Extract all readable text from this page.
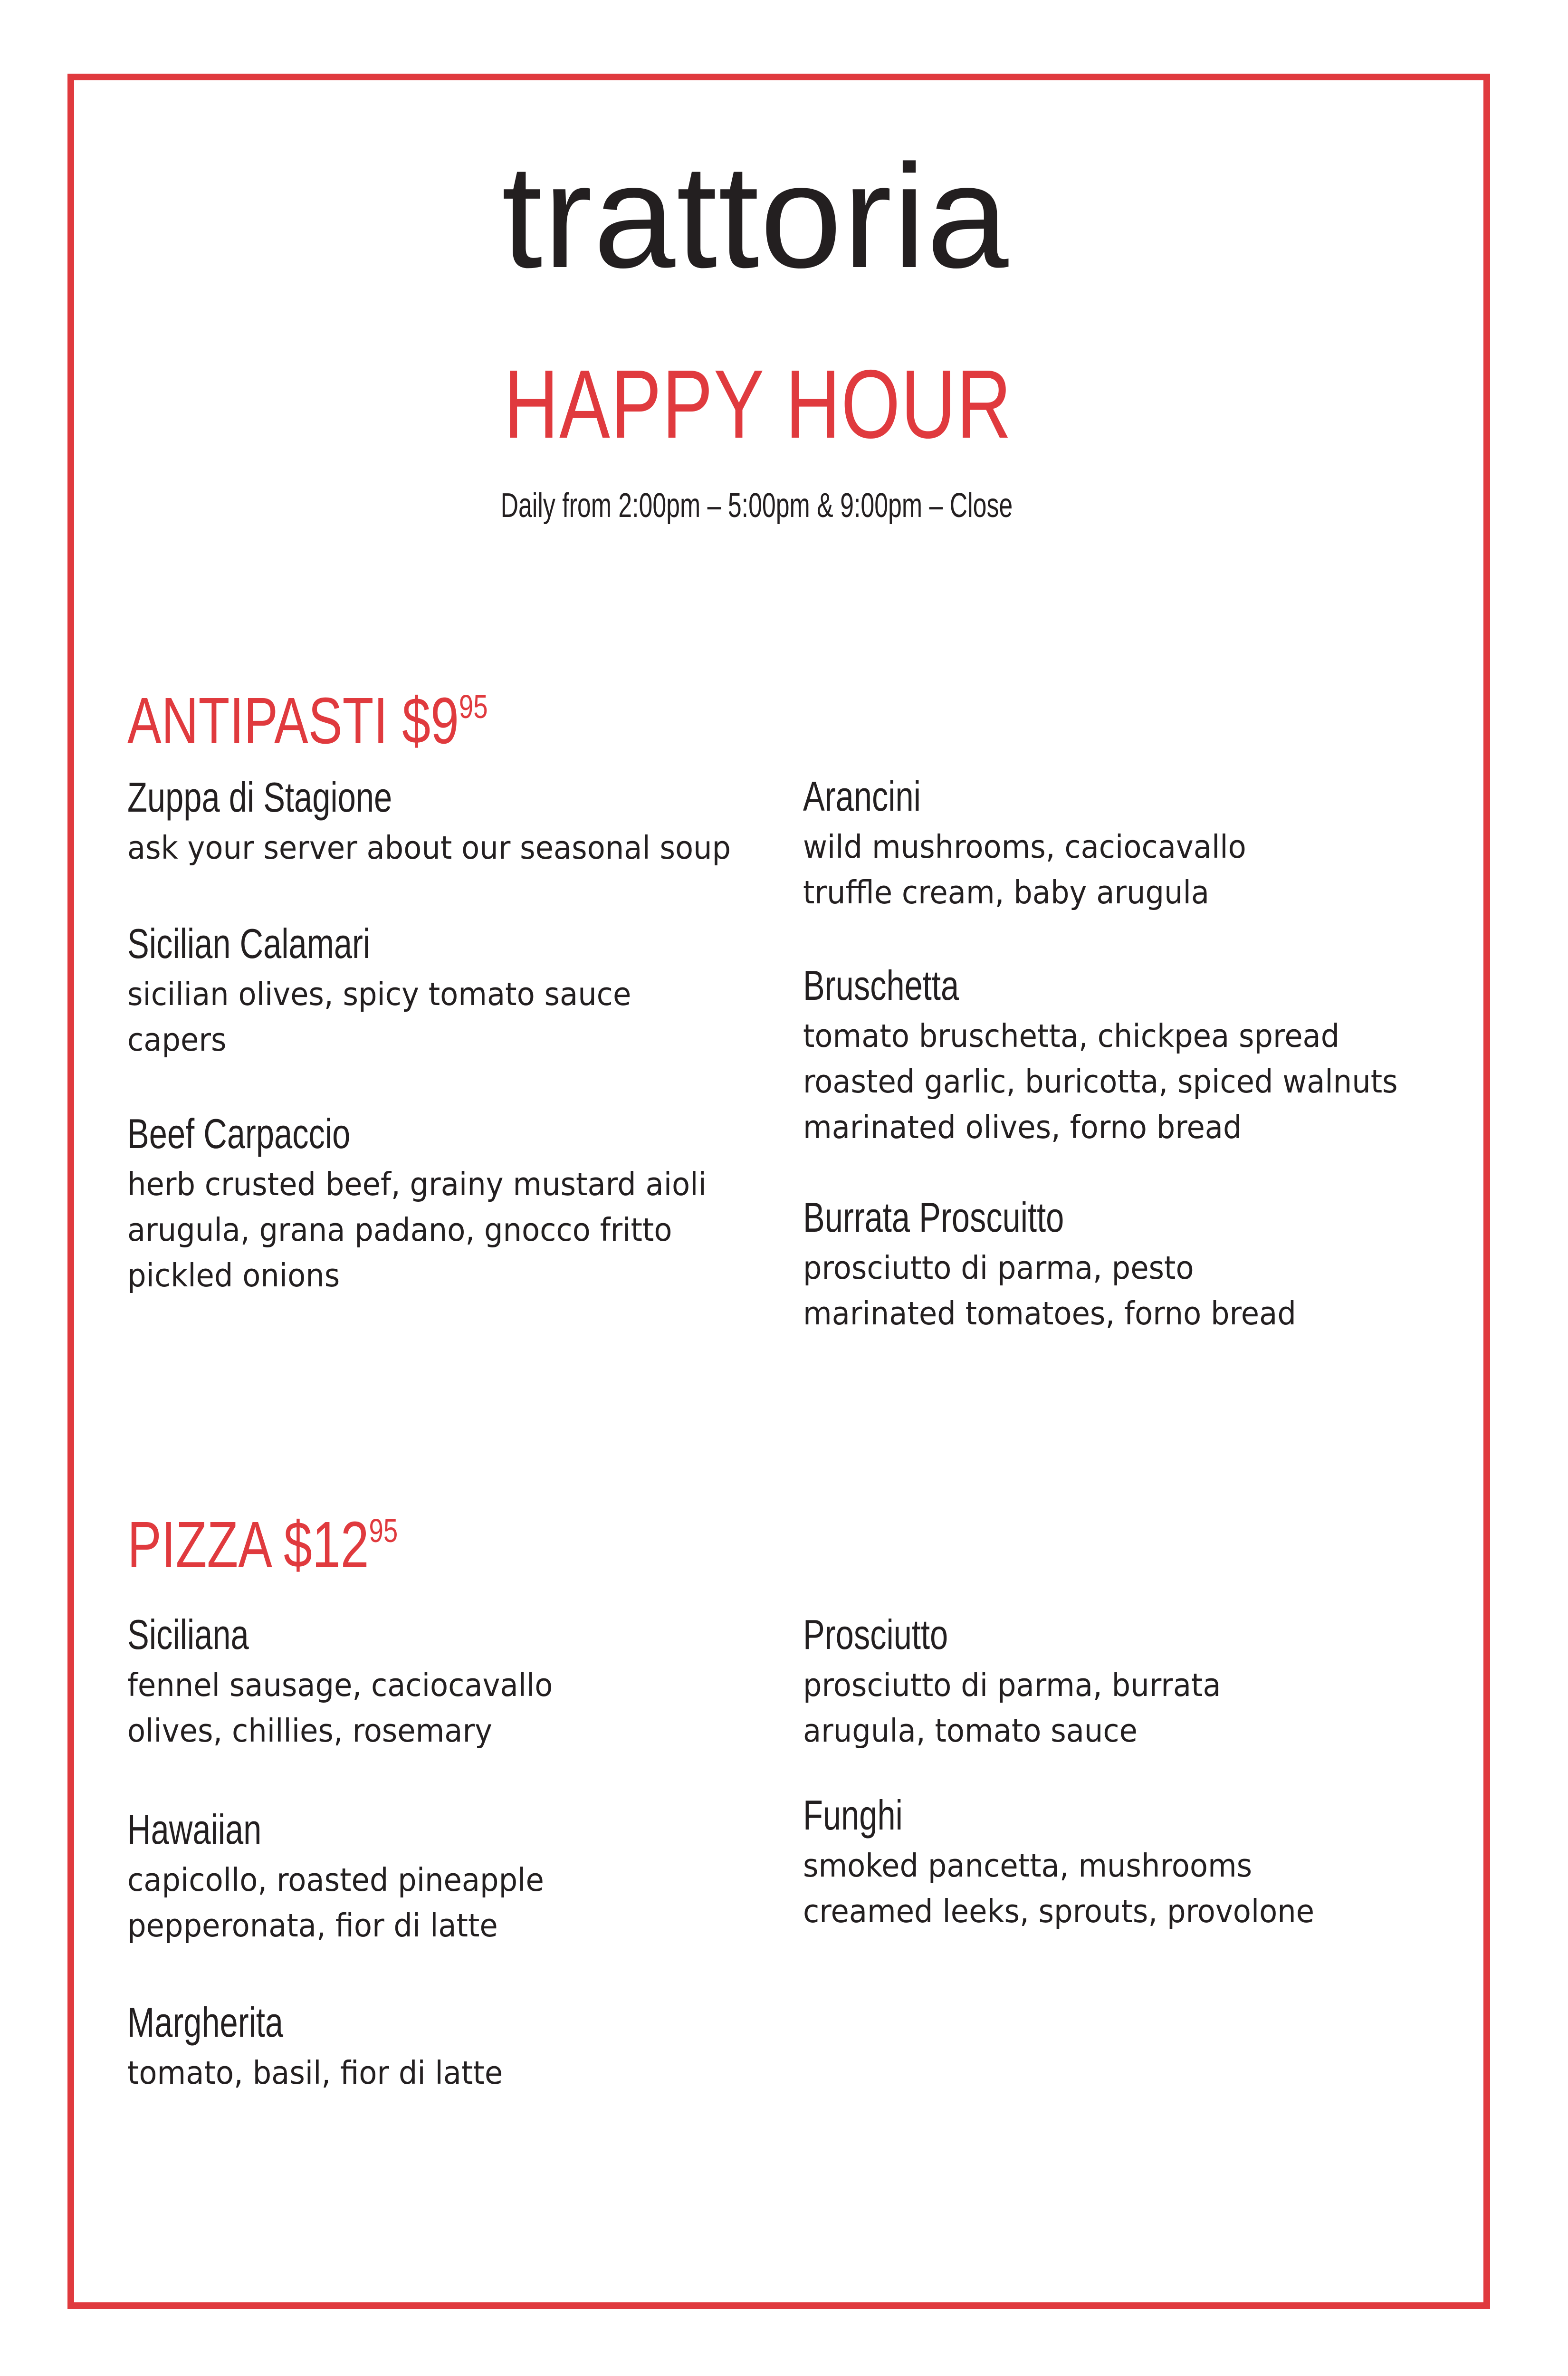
trattoria
HAPPY HOUR
Daily from 2:00pm – 5:00pm & 9:00pm – Close
ANTIPASTI $\$9^{95}$
Zuppa di Stagione
ask your server about our seasonal soup
Sicilian Calamari
sicilian olives, spicy tomato sauce
capers
Beef Carpaccio
herb crusted beef, grainy mustard aioli
arugula, grana padano, gnocco fritto
pickled onions
Arancini
wild mushrooms, caciocavallo
truffle cream, baby arugula
Bruschetta
tomato bruschetta, chickpea spread
roasted garlic, buricotta, spiced walnuts
marinated olives, forno bread
Burrata Proscuitto
prosciutto di parma, pesto
marinated tomatoes, forno bread
PIZZA $\$12^{95}$
Siciliana
fennel sausage, caciocavallo
olives, chillies, rosemary
Hawaiian
capicollo, roasted pineapple
pepperonata, fior di latte
Margherita
tomato, basil, fior di latte
Prosciutto
prosciutto di parma, burrata
arugula, tomato sauce
Funghi
smoked pancetta, mushrooms
creamed leeks, sprouts, provolone
